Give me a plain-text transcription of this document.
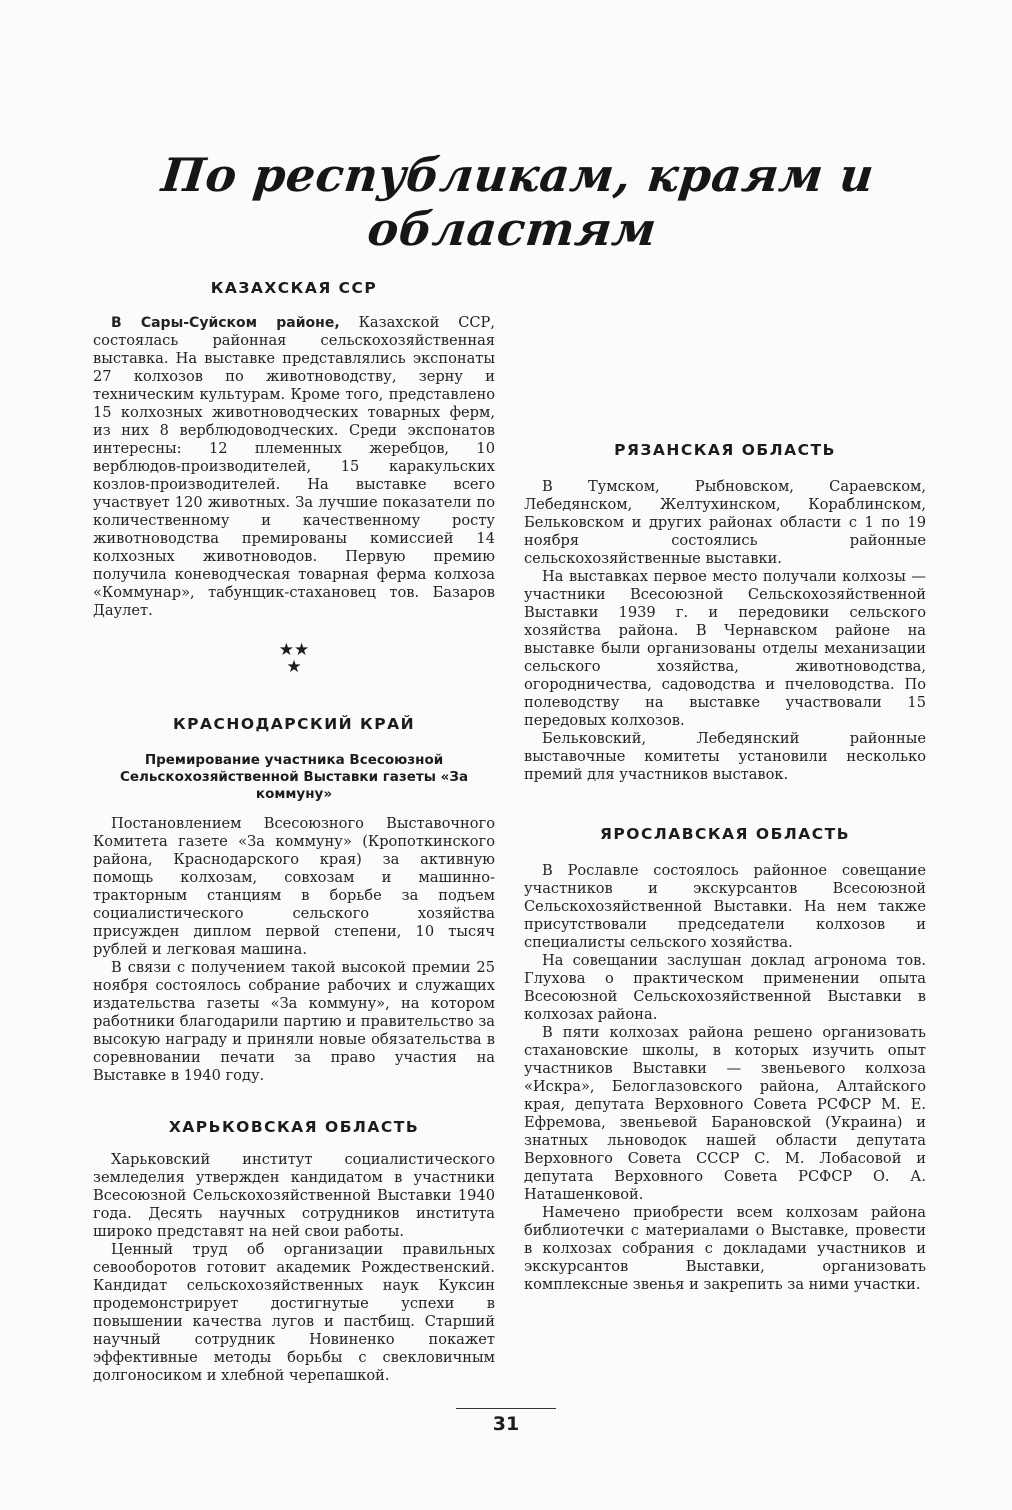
По республикам, краям и областям
КАЗАХСКАЯ ССР

В Сары-Суйском районе, Казахской ССР, состоялась районная сельскохозяйственная выставка. На выставке представлялись экспонаты 27 колхозов по животноводству, зерну и техническим культурам. Кроме того, представлено 15 колхозных животноводческих товарных ферм, из них 8 верблюдоводческих. Среди экспонатов интересны: 12 племенных жеребцов, 10 верблюдов-производителей, 15 каракульских козлов-производителей. На выставке всего участвует 120 животных. За лучшие показатели по количественному и качественному росту животноводства премированы комиссией 14 колхозных животноводов. Первую премию получила коневодческая товарная ферма колхоза «Коммунар», табунщик-стахановец тов. Базаров Даулет.

★★
★
КРАСНОДАРСКИЙ КРАЙ

Премирование участника Всесоюзной Сельскохозяйственной Выставки газеты «За коммуну»

Постановлением Всесоюзного Выставочного Комитета газете «За коммуну» (Кропоткинского района, Краснодарского края) за активную помощь колхозам, совхозам и машинно-тракторным станциям в борьбе за подъем социалистического сельского хозяйства присужден диплом первой степени, 10 тысяч рублей и легковая машина.

В связи с получением такой высокой премии 25 ноября состоялось собрание рабочих и служащих издательства газеты «За коммуну», на котором работники благодарили партию и правительство за высокую награду и приняли новые обязательства в соревновании печати за право участия на Выставке в 1940 году.

ХАРЬКОВСКАЯ ОБЛАСТЬ

Харьковский институт социалистического земледелия утвержден кандидатом в участники Всесоюзной Сельскохозяйственной Выставки 1940 года. Десять научных сотрудников института широко представят на ней свои работы.

Ценный труд об организации правильных севооборотов готовит академик Рождественский. Кандидат сельскохозяйственных наук Куксин продемонстрирует достигнутые успехи в повышении качества лугов и пастбищ. Старший научный сотрудник Новиненко покажет эффективные методы борьбы с свекловичным долгоносиком и хлебной черепашкой.

РЯЗАНСКАЯ ОБЛАСТЬ

В Тумском, Рыбновском, Сараевском, Лебедянском, Желтухинском, Кораблинском, Бельковском и других районах области с 1 по 19 ноября состоялись районные сельскохозяйственные выставки.

На выставках первое место получали колхозы — участники Всесоюзной Сельскохозяйственной Выставки 1939 г. и передовики сельского хозяйства района. В Чернавском районе на выставке были организованы отделы механизации сельского хозяйства, животноводства, огородничества, садоводства и пчеловодства. По полеводству на выставке участвовали 15 передовых колхозов.

Бельковский, Лебедянский районные выставочные комитеты установили несколько премий для участников выставок.

ЯРОСЛАВСКАЯ ОБЛАСТЬ

В Рославле состоялось районное совещание участников и экскурсантов Всесоюзной Сельскохозяйственной Выставки. На нем также присутствовали председатели колхозов и специалисты сельского хозяйства.

На совещании заслушан доклад агронома тов. Глухова о практическом применении опыта Всесоюзной Сельскохозяйственной Выставки в колхозах района.

В пяти колхозах района решено организовать стахановские школы, в которых изучить опыт участников Выставки — звеньевого колхоза «Искра», Белоглазовского района, Алтайского края, депутата Верховного Совета РСФСР М. Е. Ефремова, звеньевой Барановской (Украина) и знатных льноводок нашей области депутата Верховного Совета СССР С. М. Лобасовой и депутата Верховного Совета РСФСР О. А. Наташенковой.

Намечено приобрести всем колхозам района библиотечки с материалами о Выставке, провести в колхозах собрания с докладами участников и экскурсантов Выставки, организовать комплексные звенья и закрепить за ними участки.

31
